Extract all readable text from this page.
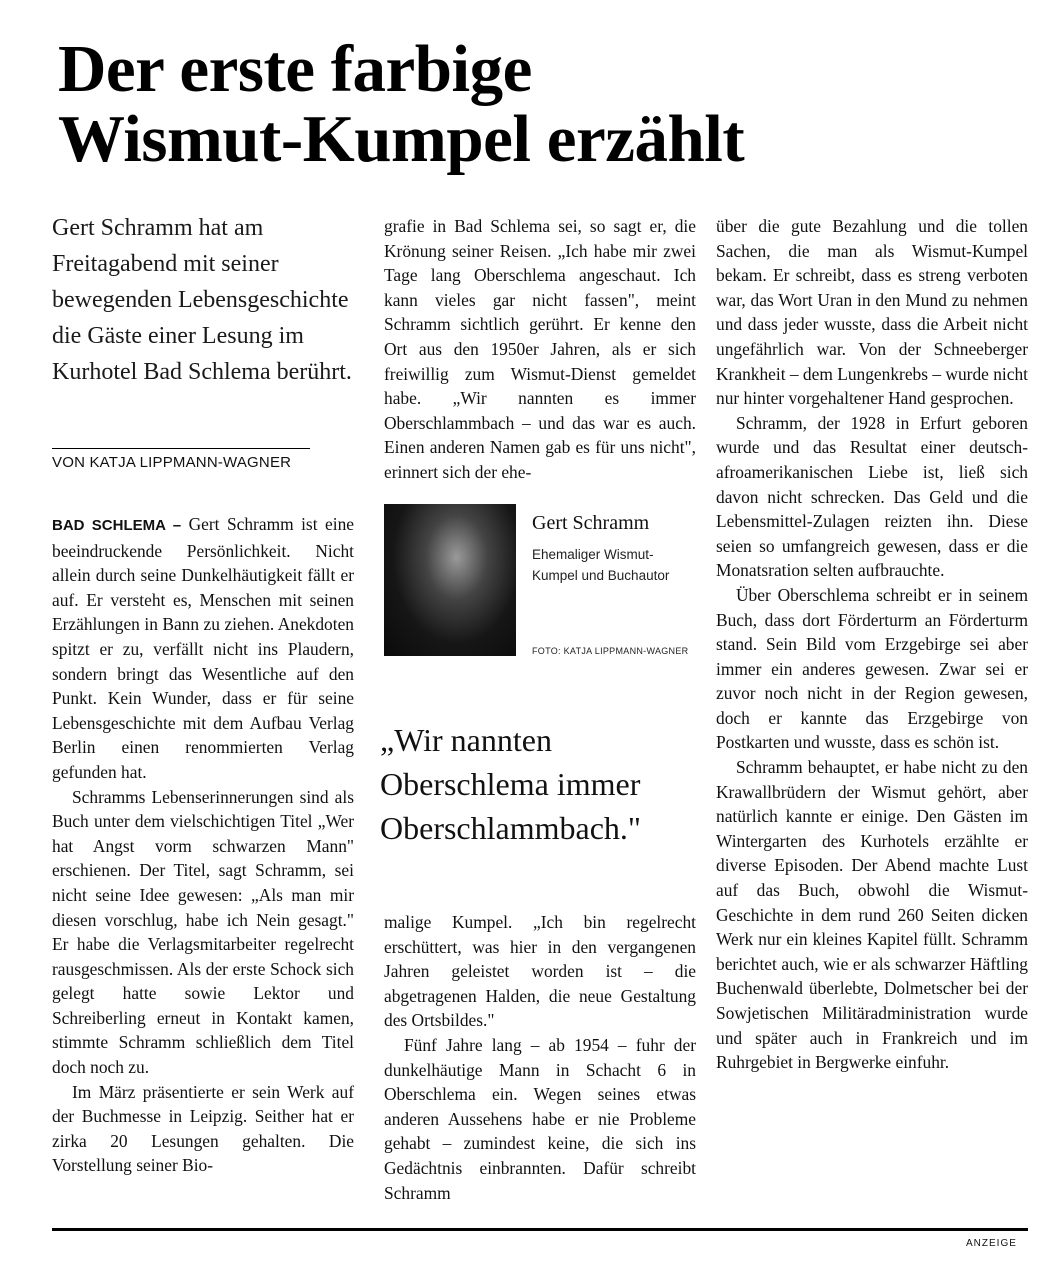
Der erste farbige
Wismut-Kumpel erzählt
Gert Schramm hat am Freitagabend mit seiner bewegenden Lebensgeschichte die Gäste einer Lesung im Kurhotel Bad Schlema berührt.
VON KATJA LIPPMANN-WAGNER

BAD SCHLEMA – Gert Schramm ist eine beeindruckende Persönlichkeit. Nicht allein durch seine Dunkelhäutigkeit fällt er auf. Er versteht es, Menschen mit seinen Erzählungen in Bann zu ziehen. Anekdoten spitzt er zu, verfällt nicht ins Plaudern, sondern bringt das Wesentliche auf den Punkt. Kein Wunder, dass er für seine Lebensgeschichte mit dem Aufbau Verlag Berlin einen renommierten Verlag gefunden hat.

Schramms Lebenserinnerungen sind als Buch unter dem vielschichtigen Titel „Wer hat Angst vorm schwarzen Mann" erschienen. Der Titel, sagt Schramm, sei nicht seine Idee gewesen: „Als man mir diesen vorschlug, habe ich Nein gesagt." Er habe die Verlagsmitarbeiter regelrecht rausgeschmissen. Als der erste Schock sich gelegt hatte sowie Lektor und Schreiberling erneut in Kontakt kamen, stimmte Schramm schließlich dem Titel doch noch zu.

Im März präsentierte er sein Werk auf der Buchmesse in Leipzig. Seither hat er zirka 20 Lesungen gehalten. Die Vorstellung seiner Bio-

grafie in Bad Schlema sei, so sagt er, die Krönung seiner Reisen. „Ich habe mir zwei Tage lang Oberschlema angeschaut. Ich kann vieles gar nicht fassen", meint Schramm sichtlich gerührt. Er kenne den Ort aus den 1950er Jahren, als er sich freiwillig zum Wismut-Dienst gemeldet habe. „Wir nannten es immer Oberschlammbach – und das war es auch. Einen anderen Namen gab es für uns nicht", erinnert sich der ehe-

Gert Schramm
Ehemaliger Wismut-Kumpel und Buchautor
FOTO: KATJA LIPPMANN-WAGNER
„Wir nannten Oberschlema immer Oberschlammbach."

malige Kumpel. „Ich bin regelrecht erschüttert, was hier in den vergangenen Jahren geleistet worden ist – die abgetragenen Halden, die neue Gestaltung des Ortsbildes."

Fünf Jahre lang – ab 1954 – fuhr der dunkelhäutige Mann in Schacht 6 in Oberschlema ein. Wegen seines etwas anderen Aussehens habe er nie Probleme gehabt – zumindest keine, die sich ins Gedächtnis einbrannten. Dafür schreibt Schramm

über die gute Bezahlung und die tollen Sachen, die man als Wismut-Kumpel bekam. Er schreibt, dass es streng verboten war, das Wort Uran in den Mund zu nehmen und dass jeder wusste, dass die Arbeit nicht ungefährlich war. Von der Schneeberger Krankheit – dem Lungenkrebs – wurde nicht nur hinter vorgehaltener Hand gesprochen.

Schramm, der 1928 in Erfurt geboren wurde und das Resultat einer deutsch-afroamerikanischen Liebe ist, ließ sich davon nicht schrecken. Das Geld und die Lebensmittel-Zulagen reizten ihn. Diese seien so umfangreich gewesen, dass er die Monatsration selten aufbrauchte.

Über Oberschlema schreibt er in seinem Buch, dass dort Förderturm an Förderturm stand. Sein Bild vom Erzgebirge sei aber immer ein anderes gewesen. Zwar sei er zuvor noch nicht in der Region gewesen, doch er kannte das Erzgebirge von Postkarten und wusste, dass es schön ist.

Schramm behauptet, er habe nicht zu den Krawallbrüdern der Wismut gehört, aber natürlich kannte er einige. Den Gästen im Wintergarten des Kurhotels erzählte er diverse Episoden. Der Abend machte Lust auf das Buch, obwohl die Wismut-Geschichte in dem rund 260 Seiten dicken Werk nur ein kleines Kapitel füllt. Schramm berichtet auch, wie er als schwarzer Häftling Buchenwald überlebte, Dolmetscher bei der Sowjetischen Militäradministration wurde und später auch in Frankreich und im Ruhrgebiet in Bergwerke einfuhr.

ANZEIGE
